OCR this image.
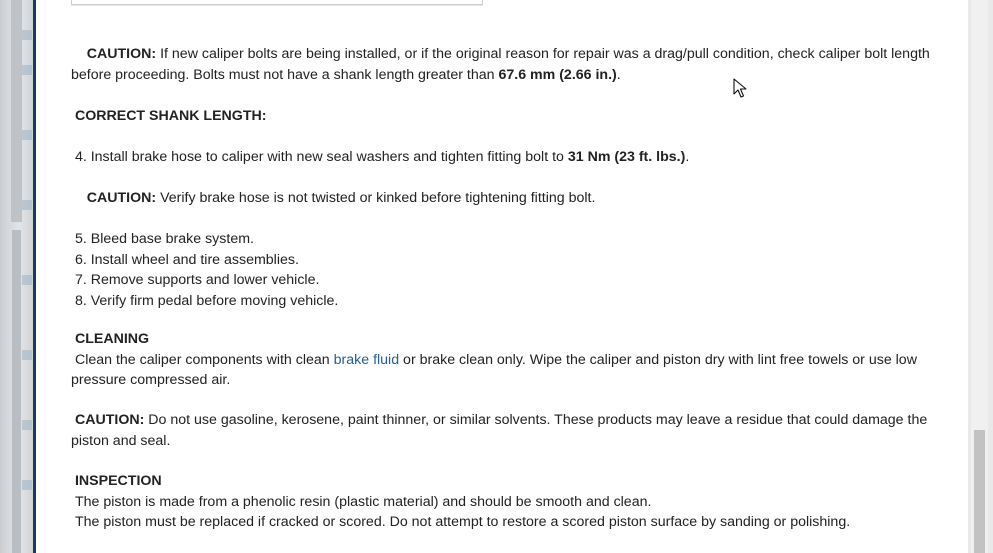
CAUTION: If new caliper bolts are being installed, or if the original reason for repair was a drag/pull condition, check caliper bolt length before proceeding. Bolts must not have a shank length greater than 67.6 mm (2.66 in.).
CORRECT SHANK LENGTH:
4. Install brake hose to caliper with new seal washers and tighten fitting bolt to 31 Nm (23 ft. lbs.).
CAUTION: Verify brake hose is not twisted or kinked before tightening fitting bolt.
5. Bleed base brake system.
6. Install wheel and tire assemblies.
7. Remove supports and lower vehicle.
8. Verify firm pedal before moving vehicle.
CLEANING
Clean the caliper components with clean brake fluid or brake clean only. Wipe the caliper and piston dry with lint free towels or use low pressure compressed air.
CAUTION: Do not use gasoline, kerosene, paint thinner, or similar solvents. These products may leave a residue that could damage the piston and seal.
INSPECTION
The piston is made from a phenolic resin (plastic material) and should be smooth and clean.
The piston must be replaced if cracked or scored. Do not attempt to restore a scored piston surface by sanding or polishing.
